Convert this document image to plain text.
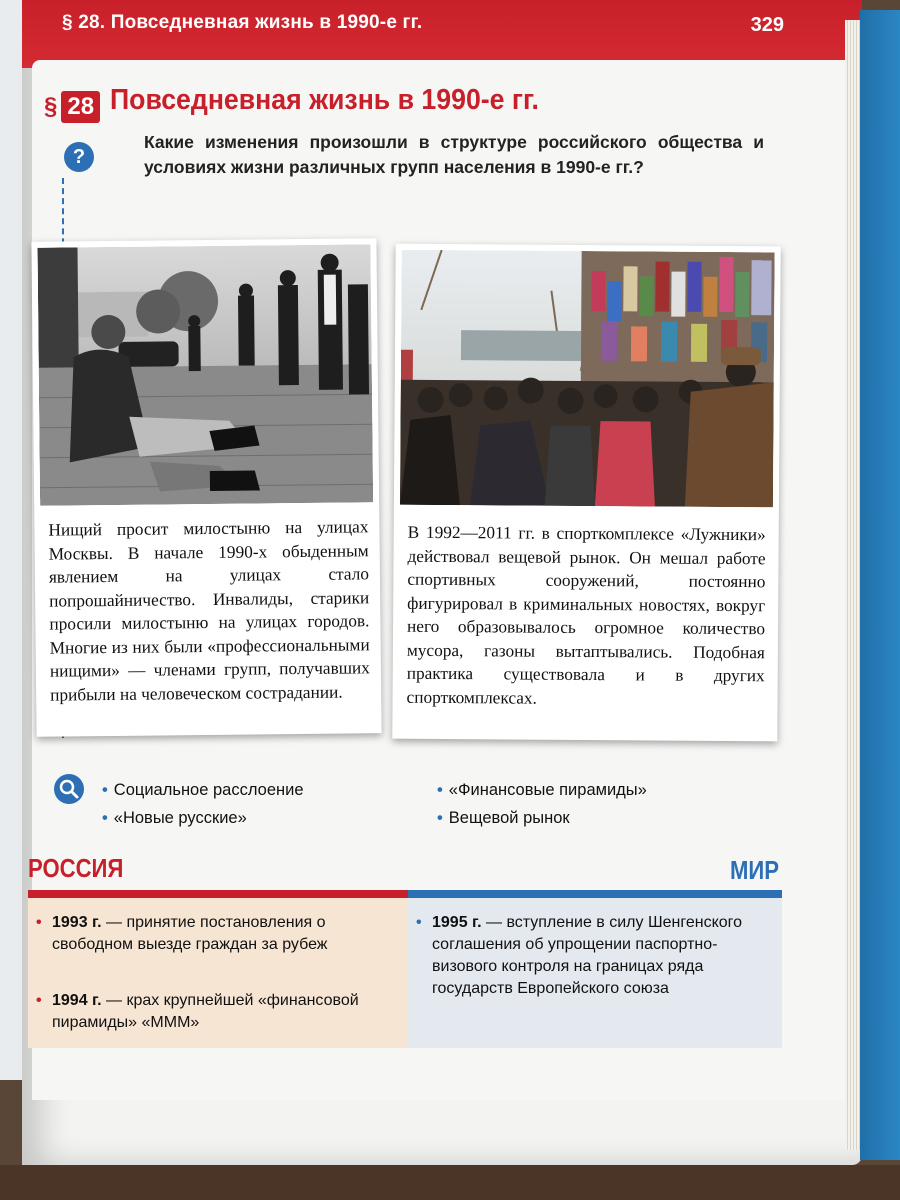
§ 28. Повседневная жизнь в 1990-е гг.	329
§ 28 Повседневная жизнь в 1990-е гг.
?
Какие изменения произошли в структуре российского общества и условиях жизни различных групп населения в 1990-е гг.?
Нищий просит милостыню на улицах Москвы. В начале 1990-х обыденным явлением на улицах стало попрошайничество. Инвалиды, старики просили милостыню на улицах городов. Многие из них были «профессиональными нищими» — членами групп, получавших прибыли на человеческом сострадании.
В 1992—2011 гг. в спорткомплексе «Лужники» действовал вещевой рынок. Он мешал работе спортивных сооружений, постоянно фигурировал в криминальных новостях, вокруг него образовывалось огромное количество мусора, газоны вытаптывались. Подобная практика существовала и в других спорткомплексах.
• Социальное расслоение
• «Новые русские»
• «Финансовые пирамиды»
• Вещевой рынок
РОССИЯ	МИР
• 1993 г. — принятие постановления о свободном выезде граждан за рубеж
• 1994 г. — крах крупнейшей «финансовой пирамиды» «МММ»
• 1995 г. — вступление в силу Шенгенского соглашения об упрощении паспортно-визового контроля на границах ряда государств Европейского союза
